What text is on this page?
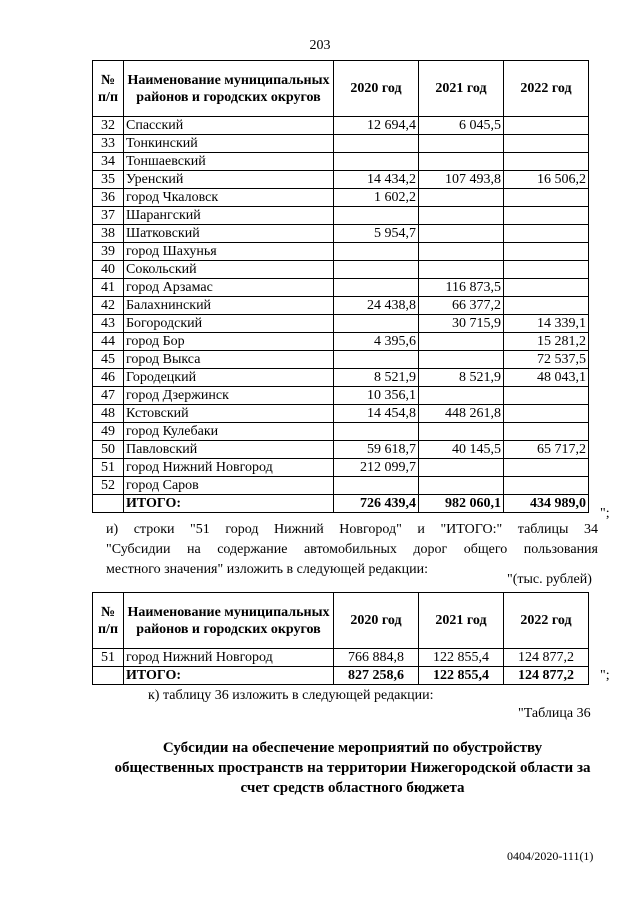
203
№ п/п	Наименование муниципальных районов и городских округов	2020 год	2021 год	2022 год
32	Спасский	12 694,4	6 045,5	
33	Тонкинский			
34	Тоншаевский			
35	Уренский	14 434,2	107 493,8	16 506,2
36	город Чкаловск	1 602,2		
37	Шарангский			
38	Шатковский	5 954,7		
39	город Шахунья			
40	Сокольский			
41	город Арзамас		116 873,5	
42	Балахнинский	24 438,8	66 377,2	
43	Богородский		30 715,9	14 339,1
44	город Бор	4 395,6		15 281,2
45	город Выкса			72 537,5
46	Городецкий	8 521,9	8 521,9	48 043,1
47	город Дзержинск	10 356,1		
48	Кстовский	14 454,8	448 261,8	
49	город Кулебаки			
50	Павловский	59 618,7	40 145,5	65 717,2
51	город Нижний Новгород	212 099,7		
52	город Саров			
	ИТОГО:	726 439,4	982 060,1	434 989,0
";
и) строки "51 город Нижний Новгород" и "ИТОГО:" таблицы 34
"Субсидии на содержание автомобильных дорог общего пользования
местного значения" изложить в следующей редакции:
"(тыс. рублей)
№ п/п	Наименование муниципальных районов и городских округов	2020 год	2021 год	2022 год
51	город Нижний Новгород	766 884,8	122 855,4	124 877,2
	ИТОГО:	827 258,6	122 855,4	124 877,2 ";
к) таблицу 36 изложить в следующей редакции:
"Таблица 36
Субсидии на обеспечение мероприятий по обустройству
общественных пространств на территории Нижегородской области за
счет средств областного бюджета
0404/2020-111(1)
